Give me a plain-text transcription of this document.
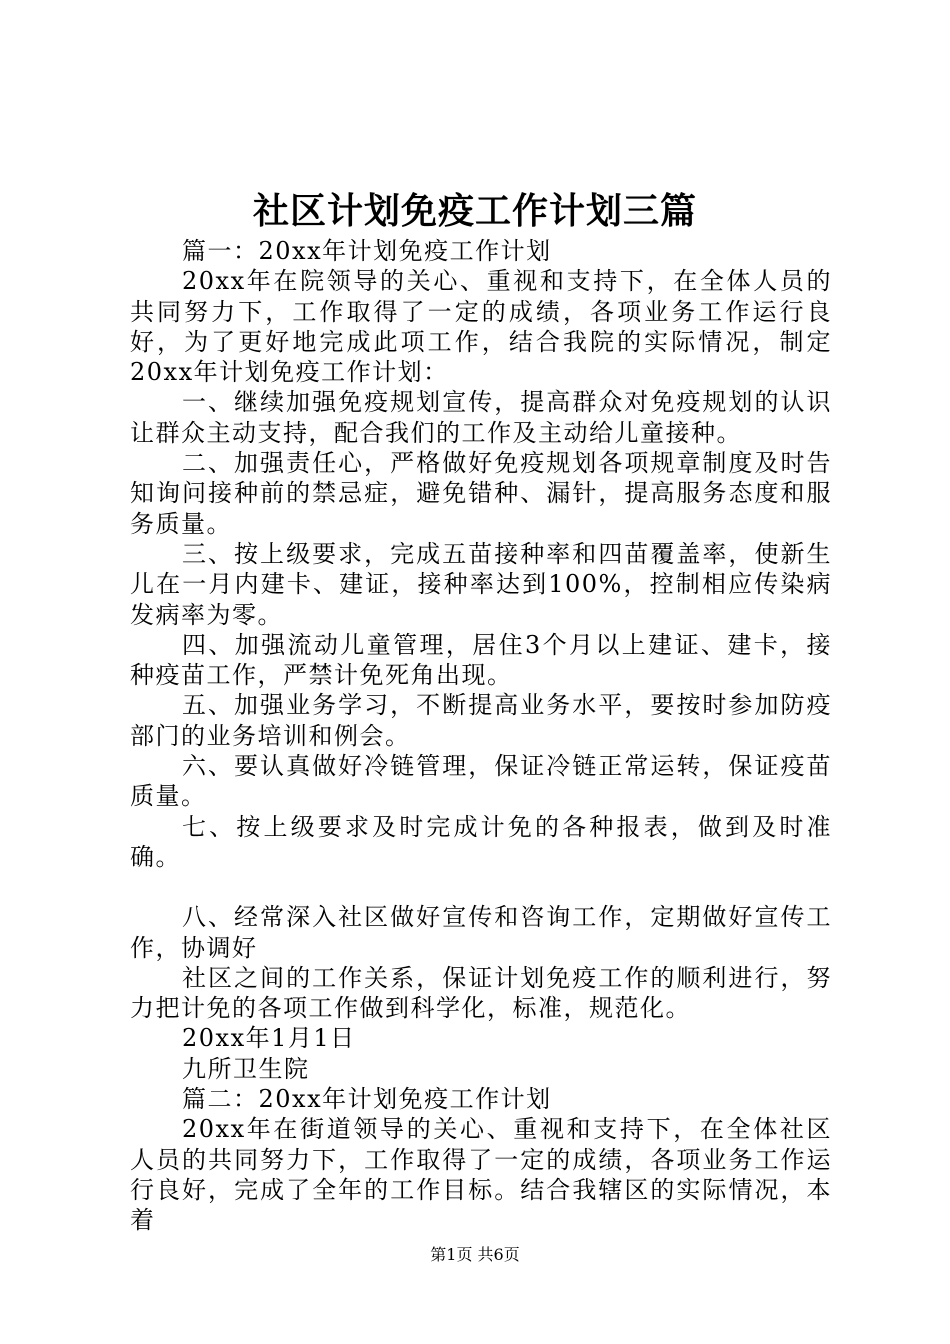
社区计划免疫工作计划三篇

篇一：20xx年计划免疫工作计划

20xx年在院领导的关心、重视和支持下，在全体人员的共同努力下，工作取得了一定的成绩，各项业务工作运行良好，为了更好地完成此项工作，结合我院的实际情况，制定20xx年计划免疫工作计划：

一、继续加强免疫规划宣传，提高群众对免疫规划的认识让群众主动支持，配合我们的工作及主动给儿童接种。

二、加强责任心，严格做好免疫规划各项规章制度及时告知询问接种前的禁忌症，避免错种、漏针，提高服务态度和服务质量。

三、按上级要求，完成五苗接种率和四苗覆盖率，使新生儿在一月内建卡、建证，接种率达到100%，控制相应传染病发病率为零。

四、加强流动儿童管理，居住3个月以上建证、建卡，接种疫苗工作，严禁计免死角出现。

五、加强业务学习，不断提高业务水平，要按时参加防疫部门的业务培训和例会。

六、要认真做好冷链管理，保证冷链正常运转，保证疫苗质量。

七、按上级要求及时完成计免的各种报表，做到及时准确。

八、经常深入社区做好宣传和咨询工作，定期做好宣传工作，协调好

社区之间的工作关系，保证计划免疫工作的顺利进行，努力把计免的各项工作做到科学化，标准，规范化。

20xx年1月1日

九所卫生院

篇二：20xx年计划免疫工作计划

20xx年在街道领导的关心、重视和支持下，在全体社区人员的共同努力下，工作取得了一定的成绩，各项业务工作运行良好，完成了全年的工作目标。结合我辖区的实际情况，本着

第1页 共6页
